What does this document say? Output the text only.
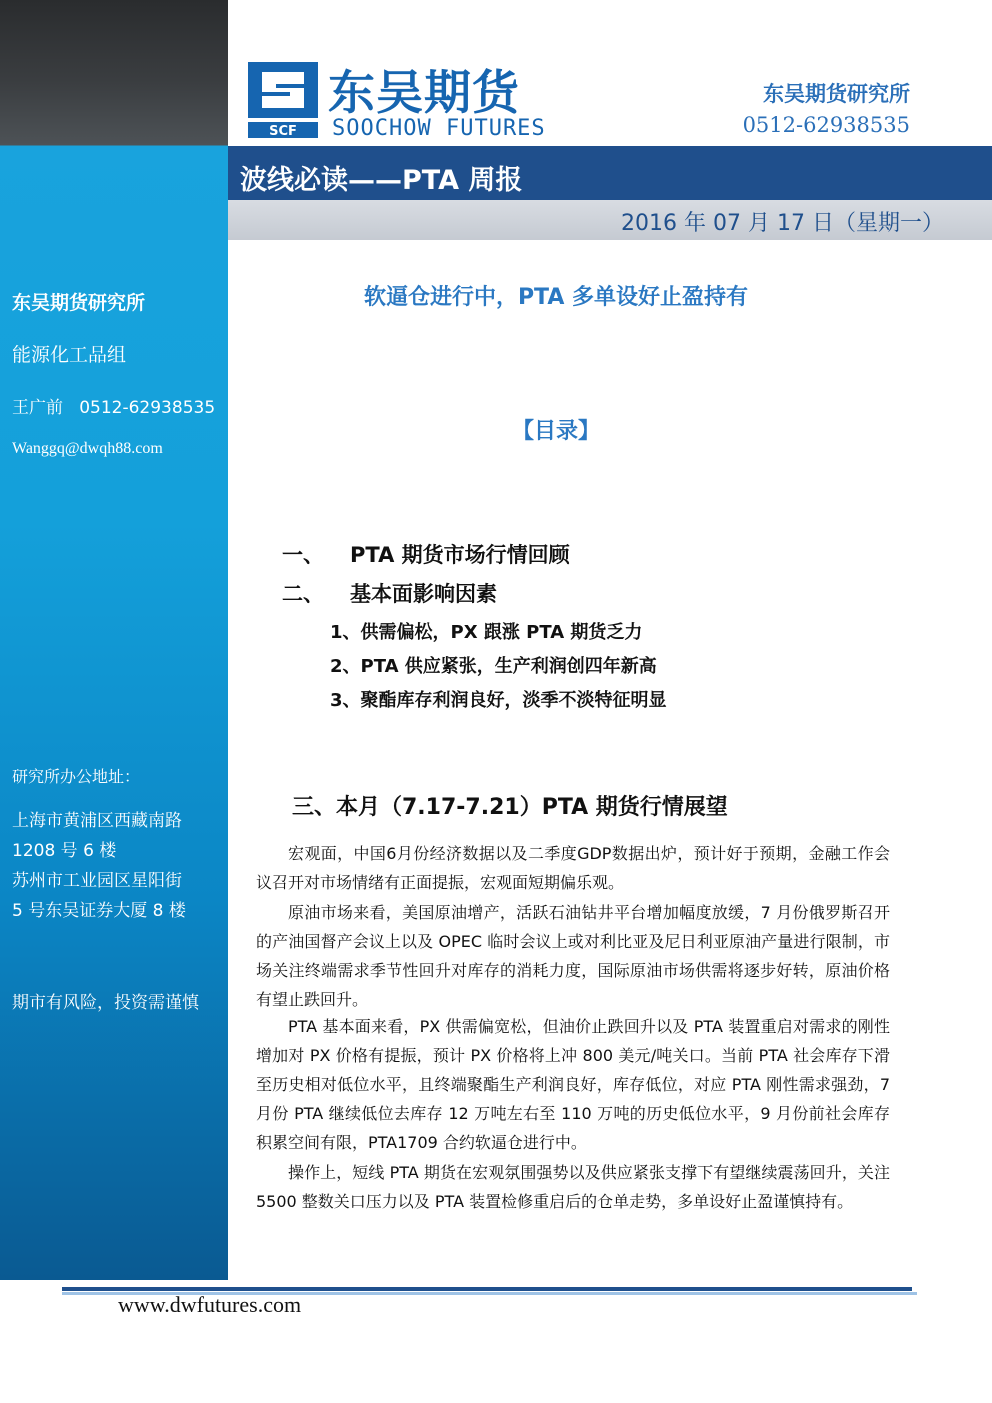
东吴期货研究所
能源化工品组
王广前   0512-62938535
Wanggq@dwqh88.com
研究所办公地址：
上海市黄浦区西藏南路
1208 号 6 楼
苏州市工业园区星阳街
5 号东吴证券大厦 8 楼
期市有风险，投资需谨慎
SCF
东吴期货
SOOCHOW FUTURES
东吴期货研究所
0512-62938535
波线必读——PTA 周报
2016 年 07 月 17 日（星期一）
软逼仓进行中，PTA 多单设好止盈持有
【目录】
一、 PTA 期货市场行情回顾
二、 基本面影响因素
1、供需偏松，PX 跟涨 PTA 期货乏力
2、PTA 供应紧张，生产利润创四年新高
3、聚酯库存利润良好，淡季不淡特征明显
三、本月（7.17-7.21）PTA 期货行情展望
宏观面，中国6月份经济数据以及二季度GDP数据出炉，预计好于预期，金融工作会议召开对市场情绪有正面提振，宏观面短期偏乐观。
原油市场来看，美国原油增产，活跃石油钻井平台增加幅度放缓，7 月份俄罗斯召开的产油国督产会议上以及 OPEC 临时会议上或对利比亚及尼日利亚原油产量进行限制，市场关注终端需求季节性回升对库存的消耗力度，国际原油市场供需将逐步好转，原油价格有望止跌回升。
PTA 基本面来看，PX 供需偏宽松，但油价止跌回升以及 PTA 装置重启对需求的刚性增加对 PX 价格有提振，预计 PX 价格将上冲 800 美元/吨关口。当前 PTA 社会库存下滑至历史相对低位水平，且终端聚酯生产利润良好，库存低位，对应 PTA 刚性需求强劲，7 月份 PTA 继续低位去库存 12 万吨左右至 110 万吨的历史低位水平，9 月份前社会库存积累空间有限，PTA1709 合约软逼仓进行中。
操作上，短线 PTA 期货在宏观氛围强势以及供应紧张支撑下有望继续震荡回升，关注 5500 整数关口压力以及 PTA 装置检修重启后的仓单走势，多单设好止盈谨慎持有。
www.dwfutures.com
